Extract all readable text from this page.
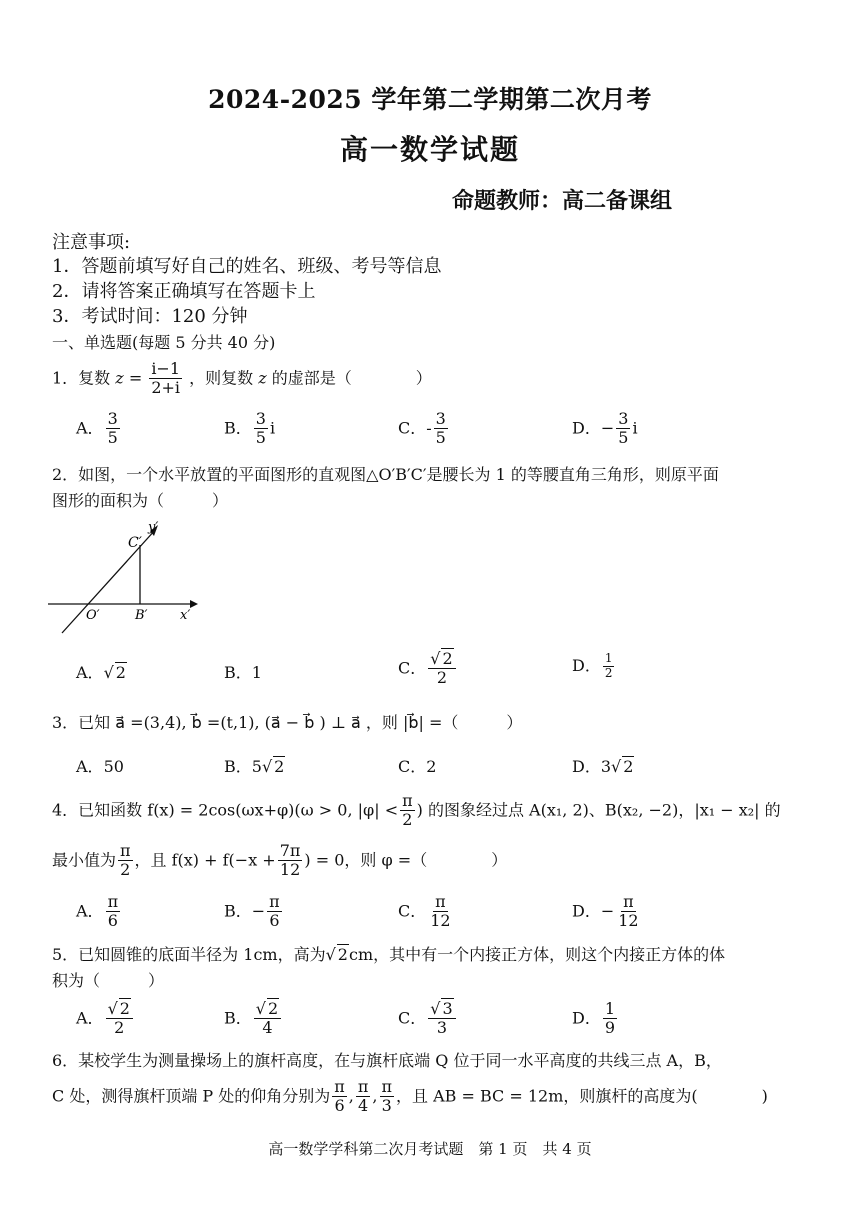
2024-2025 学年第二学期第二次月考
高一数学试题
命题教师：高二备课组
注意事项:
1．答题前填写好自己的姓名、班级、考号等信息
2．请将答案正确填写在答题卡上
3．考试时间：120 分钟
一、单选题(每题 5 分共 40 分)
1．复数 $z = \frac{i-1}{2+i}$ ，则复数 z 的虚部是（　　　　）
A． $\frac{3}{5}$	B． $\frac{3}{5}$ i	C．- $\frac{3}{5}$	D．− $\frac{3}{5}$ i
2．如图，一个水平放置的平面图形的直观图△O′B′C′是腰长为 1 的等腰直角三角形，则原平面
图形的面积为（　　　）
y′
C′
O′	B′ x′
A．√ 2	B．1	C． $\frac{√ 2}{2}$	D． $\frac{1}{2}$
3．已知 a⃗ =(3,4), b⃗ =(t,1), (a⃗ − b⃗ ) ⊥ a⃗ ，则 |b⃗| =（　　　）
A．50	B．5√ 2	C．2	D．3√ 2
4．已知函数 f(x) = 2cos(ωx+φ)(ω > 0, $|\varphi| < \frac{\pi}{2}$ ) 的图象经过点 A(x₁, 2)、B(x₂, −2)，|x₁ − x₂| 的
最小值为 $\frac{\pi}{2}$ ，且 $f(x) + f(-x + \frac{7\pi}{12}$ ) = 0，则 φ =（　　　　）
A． $\frac{\pi}{6}$	B．− $\frac{\pi}{6}$	C． $\frac{\pi}{12}$	D．− $\frac{\pi}{12}$
5．已知圆锥的底面半径为 1cm，高为√ 2cm，其中有一个内接正方体，则这个内接正方体的体
积为（　　　）
A． $\frac{√ 2}{2}$	B． $\frac{√ 2}{4}$	C． $\frac{√ 3}{3}$	D． $\frac{1}{9}$
6．某校学生为测量操场上的旗杆高度，在与旗杆底端 Q 位于同一水平高度的共线三点 A，B，
C 处，测得旗杆顶端 P 处的仰角分别为 $\frac{\pi}{6}$ , $\frac{\pi}{4}$ , $\frac{\pi}{3}$ ，且 AB = BC = 12m，则旗杆的高度为(　　　　)
高一数学学科第二次月考试题　第 1 页　共 4 页
